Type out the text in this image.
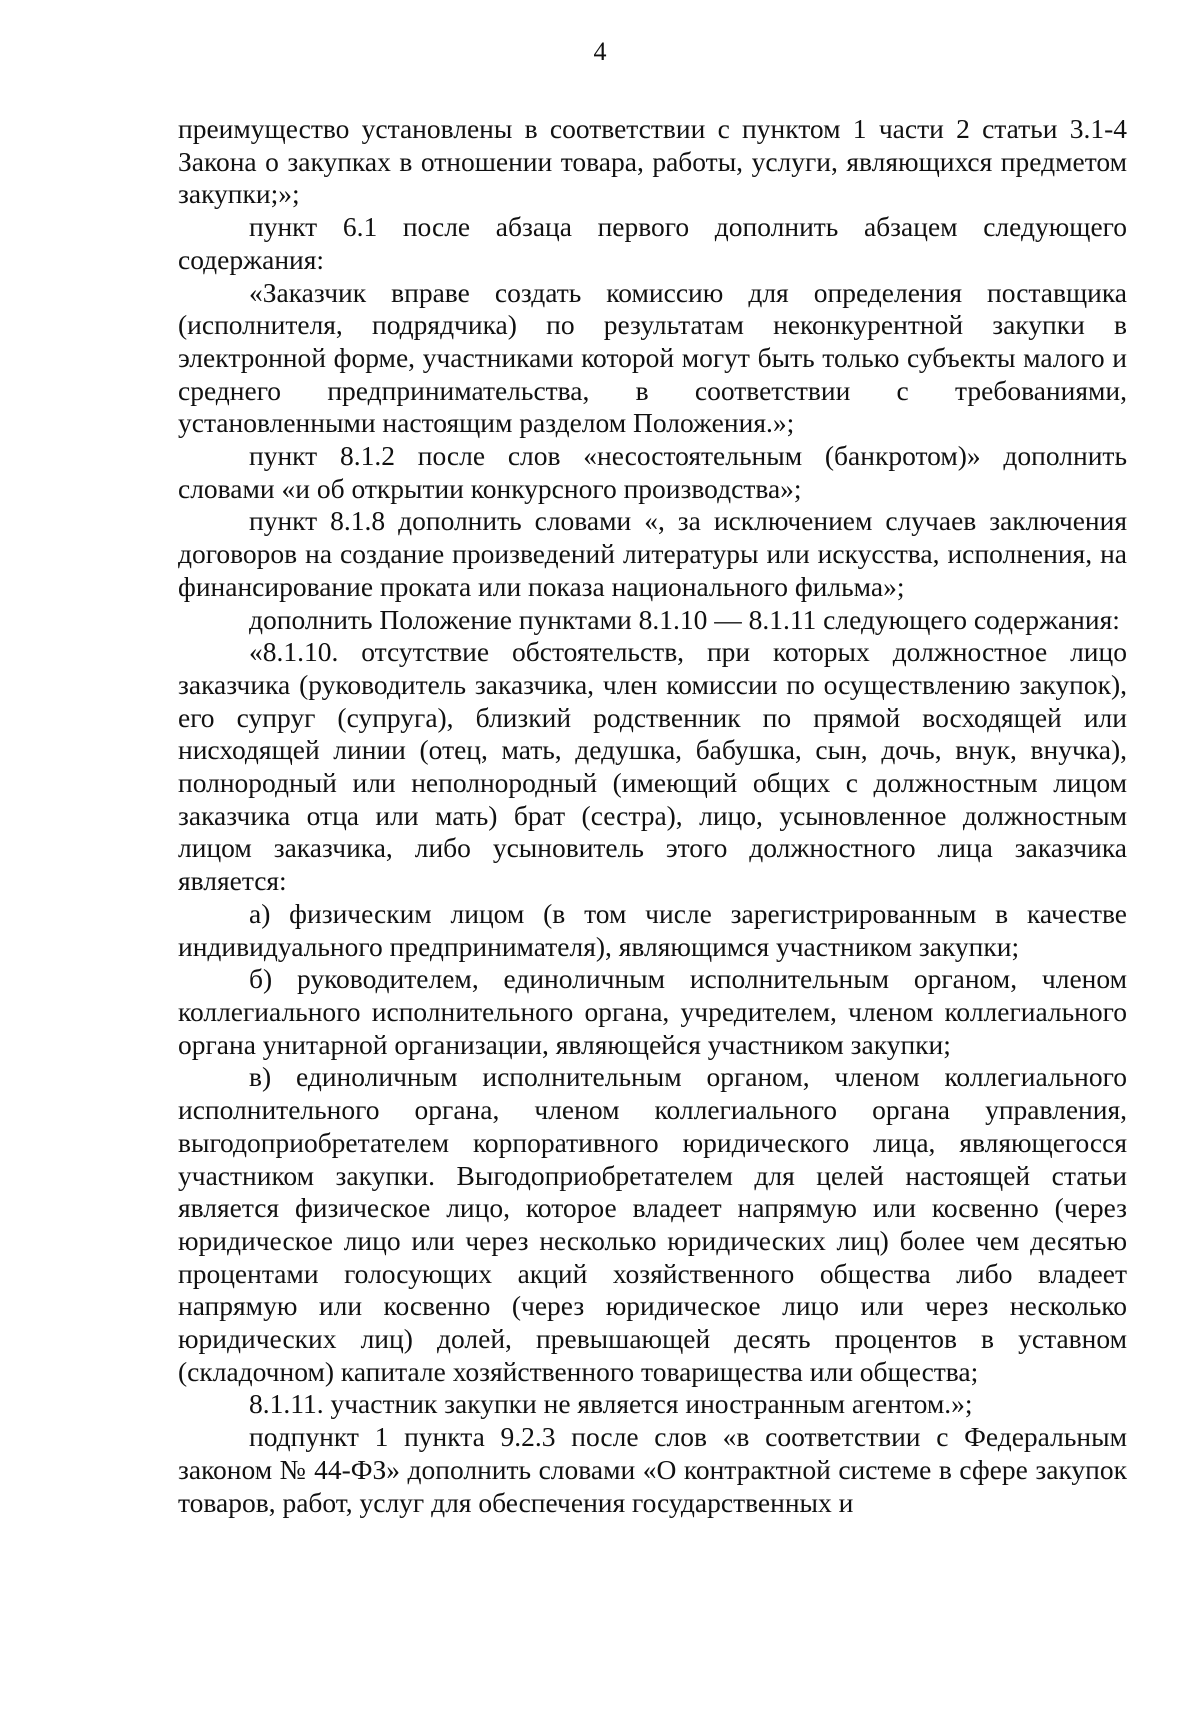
4

преимущество установлены в соответствии с пунктом 1 части 2 статьи 3.1-4 Закона о закупках в отношении товара, работы, услуги, являющихся предметом закупки;»;

пункт 6.1 после абзаца первого дополнить абзацем следующего содержания:

«Заказчик вправе создать комиссию для определения поставщика (исполнителя, подрядчика) по результатам неконкурентной закупки в электронной форме, участниками которой могут быть только субъекты малого и среднего предпринимательства, в соответствии с требованиями, установленными настоящим разделом Положения.»;

пункт 8.1.2 после слов «несостоятельным (банкротом)» дополнить словами «и об открытии конкурсного производства»;

пункт 8.1.8 дополнить словами «, за исключением случаев заключения договоров на создание произведений литературы или искусства, исполнения, на финансирование проката или показа национального фильма»;

дополнить Положение пунктами 8.1.10 — 8.1.11 следующего содержания:

«8.1.10. отсутствие обстоятельств, при которых должностное лицо заказчика (руководитель заказчика, член комиссии по осуществлению закупок), его супруг (супруга), близкий родственник по прямой восходящей или нисходящей линии (отец, мать, дедушка, бабушка, сын, дочь, внук, внучка), полнородный или неполнородный (имеющий общих с должностным лицом заказчика отца или мать) брат (сестра), лицо, усыновленное должностным лицом заказчика, либо усыновитель этого должностного лица заказчика является:

а) физическим лицом (в том числе зарегистрированным в качестве индивидуального предпринимателя), являющимся участником закупки;

б) руководителем, единоличным исполнительным органом, членом коллегиального исполнительного органа, учредителем, членом коллегиального органа унитарной организации, являющейся участником закупки;

в) единоличным исполнительным органом, членом коллегиального исполнительного органа, членом коллегиального органа управления, выгодоприобретателем корпоративного юридического лица, являющегосся участником закупки. Выгодоприобретателем для целей настоящей статьи является физическое лицо, которое владеет напрямую или косвенно (через юридическое лицо или через несколько юридических лиц) более чем десятью процентами голосующих акций хозяйственного общества либо владеет напрямую или косвенно (через юридическое лицо или через несколько юридических лиц) долей, превышающей десять процентов в уставном (складочном) капитале хозяйственного товарищества или общества;

8.1.11. участник закупки не является иностранным агентом.»;

подпункт 1 пункта 9.2.3 после слов «в соответствии с Федеральным законом № 44-ФЗ» дополнить словами «О контрактной системе в сфере закупок товаров, работ, услуг для обеспечения государственных и
